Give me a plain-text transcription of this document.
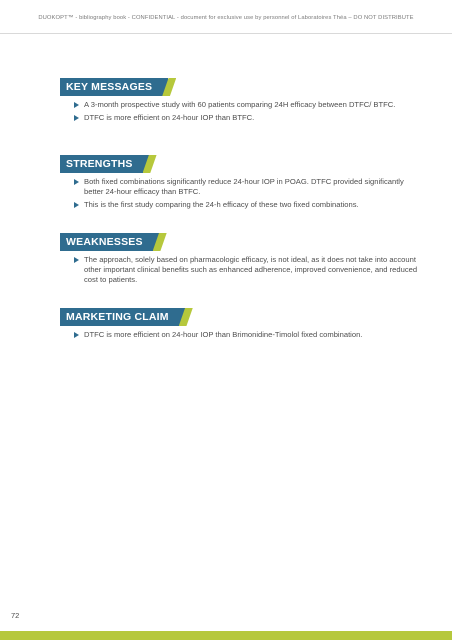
DUOKOPT™ - bibliography book - CONFIDENTIAL - document for exclusive use by personnel of Laboratoires Théa – DO NOT DISTRIBUTE
KEY MESSAGES
A 3-month prospective study with 60 patients comparing 24H efficacy between DTFC/ BTFC.
DTFC is more efficient on 24-hour IOP than BTFC.
STRENGTHS
Both fixed combinations significantly reduce 24-hour IOP in POAG. DTFC provided significantly better 24-hour efficacy than BTFC.
This is the first study comparing the 24-h efficacy of these two fixed combinations.
WEAKNESSES
The approach, solely based on pharmacologic efficacy, is not ideal, as it does not take into account other important clinical benefits such as enhanced adherence, improved convenience, and reduced cost to patients.
MARKETING CLAIM
DTFC is more efficient on 24-hour IOP than Brimonidine-Timolol fixed combination.
72
